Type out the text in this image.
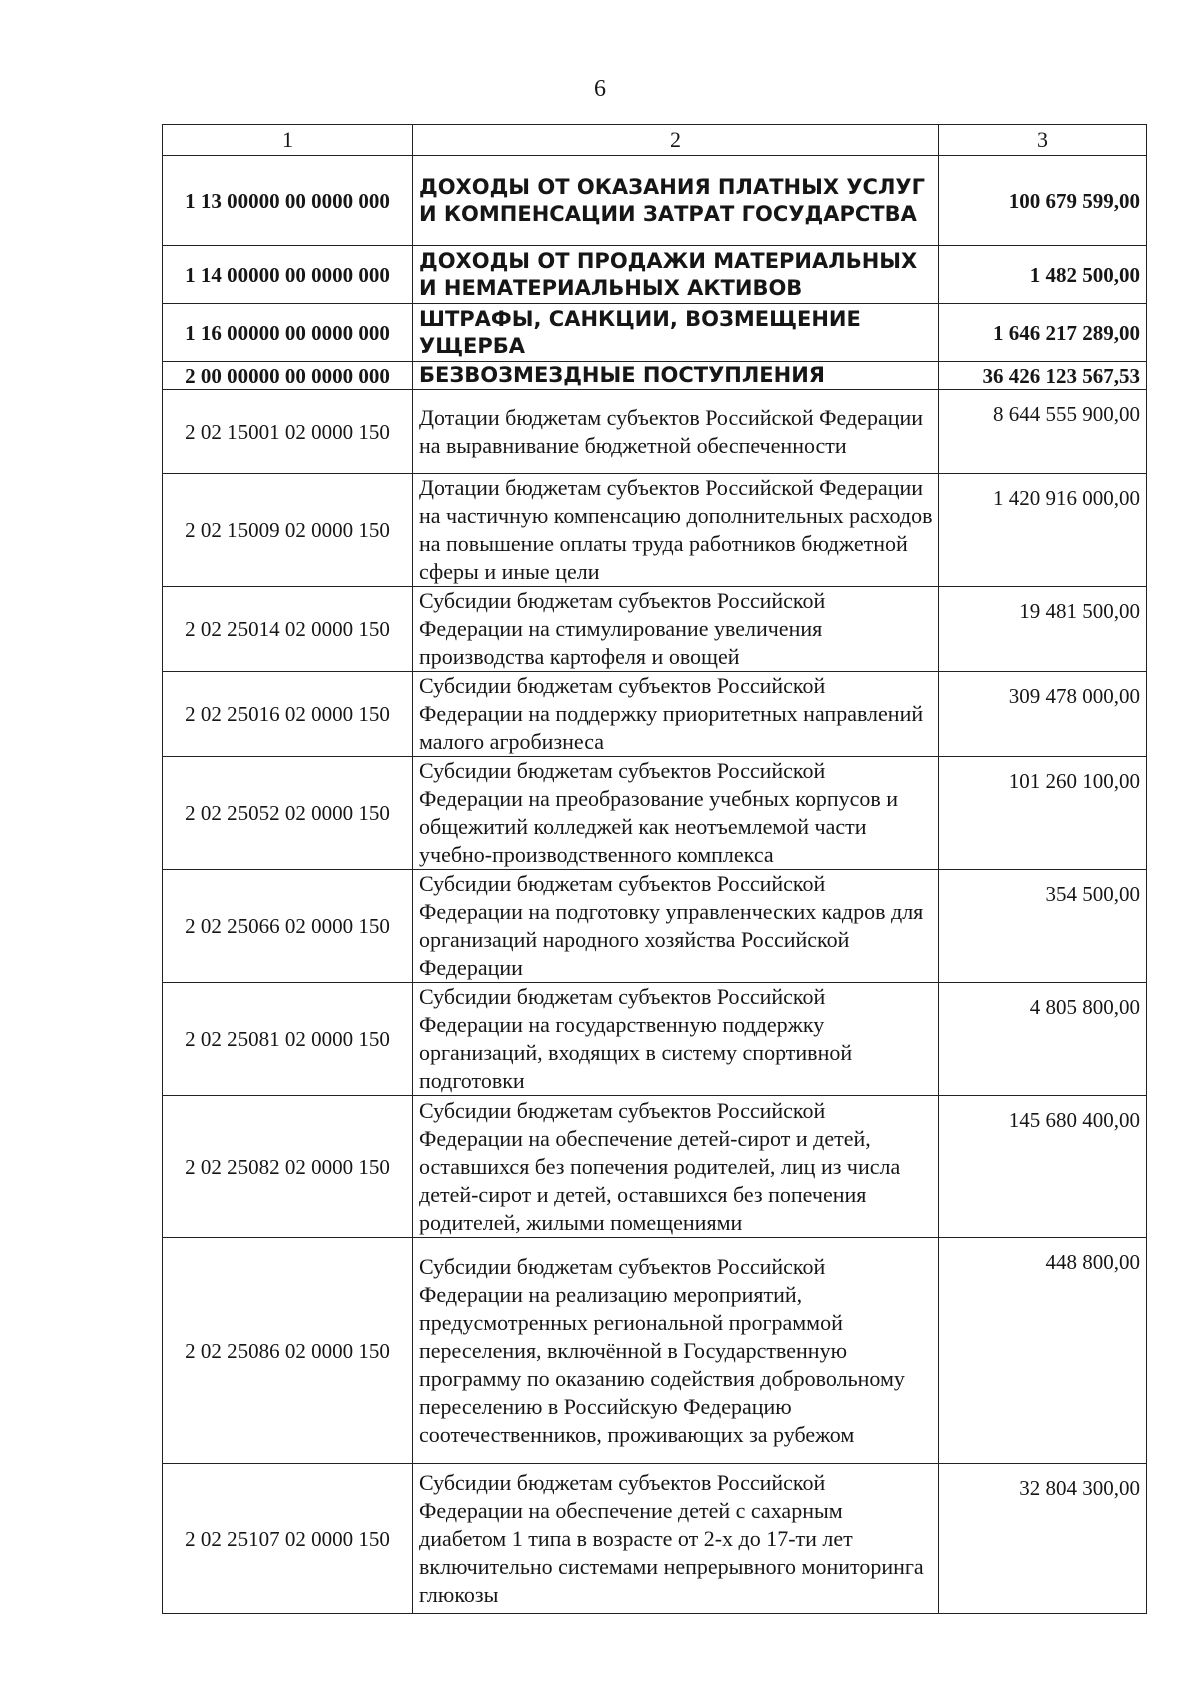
6
1	2	3
1 13 00000 00 0000 000	ДОХОДЫ ОТ ОКАЗАНИЯ ПЛАТНЫХ УСЛУГ И КОМПЕНСАЦИИ ЗАТРАТ ГОСУДАРСТВА	100 679 599,00
1 14 00000 00 0000 000	ДОХОДЫ ОТ ПРОДАЖИ МАТЕРИАЛЬНЫХ И НЕМАТЕРИАЛЬНЫХ АКТИВОВ	1 482 500,00
1 16 00000 00 0000 000	ШТРАФЫ, САНКЦИИ, ВОЗМЕЩЕНИЕ УЩЕРБА	1 646 217 289,00
2 00 00000 00 0000 000	БЕЗВОЗМЕЗДНЫЕ ПОСТУПЛЕНИЯ	36 426 123 567,53
2 02 15001 02 0000 150	Дотации бюджетам субъектов Российской Федерации на выравнивание бюджетной обеспеченности	8 644 555 900,00
2 02 15009 02 0000 150	Дотации бюджетам субъектов Российской Федерации на частичную компенсацию дополнительных расходов на повышение оплаты труда работников бюджетной сферы и иные цели	1 420 916 000,00
2 02 25014 02 0000 150	Субсидии бюджетам субъектов Российской Федерации на стимулирование увеличения производства картофеля и овощей	19 481 500,00
2 02 25016 02 0000 150	Субсидии бюджетам субъектов Российской Федерации на поддержку приоритетных направлений малого агробизнеса	309 478 000,00
2 02 25052 02 0000 150	Субсидии бюджетам субъектов Российской Федерации на преобразование учебных корпусов и общежитий колледжей как неотъемлемой части учебно-производственного комплекса	101 260 100,00
2 02 25066 02 0000 150	Субсидии бюджетам субъектов Российской Федерации на подготовку управленческих кадров для организаций народного хозяйства Российской Федерации	354 500,00
2 02 25081 02 0000 150	Субсидии бюджетам субъектов Российской Федерации на государственную поддержку организаций, входящих в систему спортивной подготовки	4 805 800,00
2 02 25082 02 0000 150	Субсидии бюджетам субъектов Российской Федерации на обеспечение детей-сирот и детей, оставшихся без попечения родителей, лиц из числа детей-сирот и детей, оставшихся без попечения родителей, жилыми помещениями	145 680 400,00
2 02 25086 02 0000 150	Субсидии бюджетам субъектов Российской Федерации на реализацию мероприятий, предусмотренных региональной программой переселения, включённой в Государственную программу по оказанию содействия добровольному переселению в Российскую Федерацию соотечественников, проживающих за рубежом	448 800,00
2 02 25107 02 0000 150	Субсидии бюджетам субъектов Российской Федерации на обеспечение детей с сахарным диабетом 1 типа в возрасте от 2-х до 17-ти лет включительно системами непрерывного мониторинга глюкозы	32 804 300,00
